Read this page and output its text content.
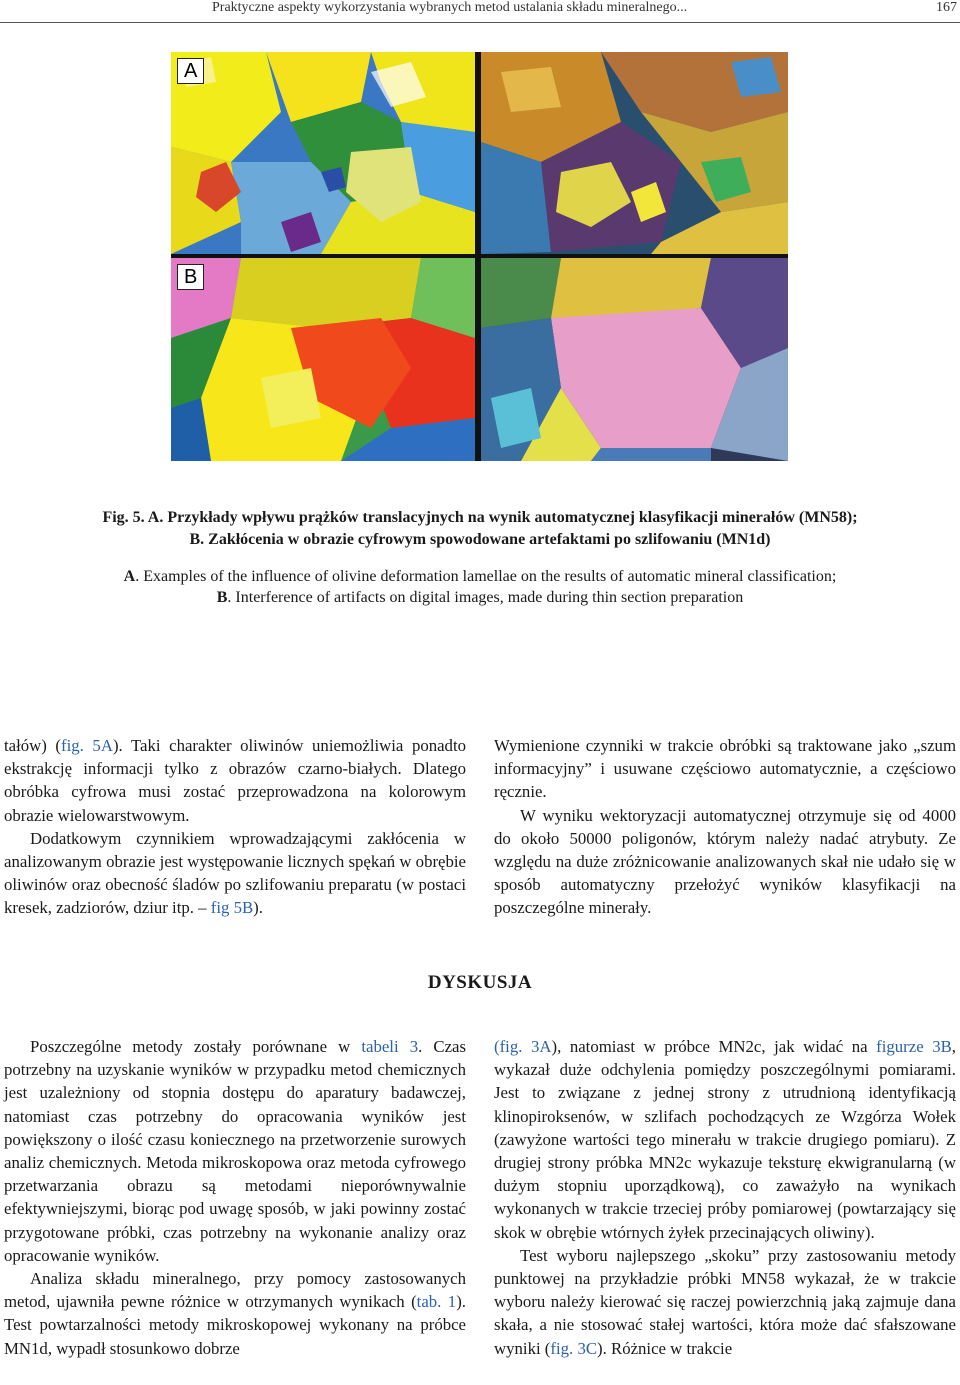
Praktyczne aspekty wykorzystania wybranych metod ustalania składu mineralnego...	167
A
B
Fig. 5. A. Przykłady wpływu prążków translacyjnych na wynik automatycznej klasyfikacji minerałów (MN58);
B. Zakłócenia w obrazie cyfrowym spowodowane artefaktami po szlifowaniu (MN1d)
A. Examples of the influence of olivine deformation lamellae on the results of automatic mineral classification;
B. Interference of artifacts on digital images, made during thin section preparation

tałów) (fig. 5A). Taki charakter oliwinów uniemożliwia ponadto ekstrakcję informacji tylko z obrazów czarno-białych. Dlatego obróbka cyfrowa musi zostać przeprowadzona na kolorowym obrazie wielowarstwowym.

Dodatkowym czynnikiem wprowadzającymi zakłócenia w analizowanym obrazie jest występowanie licznych spękań w obrębie oliwinów oraz obecność śladów po szlifowaniu preparatu (w postaci kresek, zadziorów, dziur itp. – fig 5B).

Wymienione czynniki w trakcie obróbki są traktowane jako „szum informacyjny” i usuwane częściowo automatycznie, a częściowo ręcznie.

W wyniku wektoryzacji automatycznej otrzymuje się od 4000 do około 50000 poligonów, którym należy nadać atrybuty. Ze względu na duże zróżnicowanie analizowanych skał nie udało się w sposób automatyczny przełożyć wyników klasyfikacji na poszczególne minerały.

DYSKUSJA

Poszczególne metody zostały porównane w tabeli 3. Czas potrzebny na uzyskanie wyników w przypadku metod chemicznych jest uzależniony od stopnia dostępu do aparatury badawczej, natomiast czas potrzebny do opracowania wyników jest powiększony o ilość czasu koniecznego na przetworzenie surowych analiz chemicznych. Metoda mikroskopowa oraz metoda cyfrowego przetwarzania obrazu są metodami nieporównywalnie efektywniejszymi, biorąc pod uwagę sposób, w jaki powinny zostać przygotowane próbki, czas potrzebny na wykonanie analizy oraz opracowanie wyników.

Analiza składu mineralnego, przy pomocy zastosowanych metod, ujawniła pewne różnice w otrzymanych wynikach (tab. 1). Test powtarzalności metody mikroskopowej wykonany na próbce MN1d, wypadł stosunkowo dobrze

(fig. 3A), natomiast w próbce MN2c, jak widać na figurze 3B, wykazał duże odchylenia pomiędzy poszczególnymi pomiarami. Jest to związane z jednej strony z utrudnioną identyfikacją klinopiroksenów, w szlifach pochodzących ze Wzgórza Wołek (zawyżone wartości tego minerału w trakcie drugiego pomiaru). Z drugiej strony próbka MN2c wykazuje teksturę ekwigranularną (w dużym stopniu uporządkową), co zaważyło na wynikach wykonanych w trakcie trzeciej próby pomiarowej (powtarzający się skok w obrębie wtórnych żyłek przecinających oliwiny).

Test wyboru najlepszego „skoku” przy zastosowaniu metody punktowej na przykładzie próbki MN58 wykazał, że w trakcie wyboru należy kierować się raczej powierzchnią jaką zajmuje dana skała, a nie stosować stałej wartości, która może dać sfałszowane wyniki (fig. 3C). Różnice w trakcie
